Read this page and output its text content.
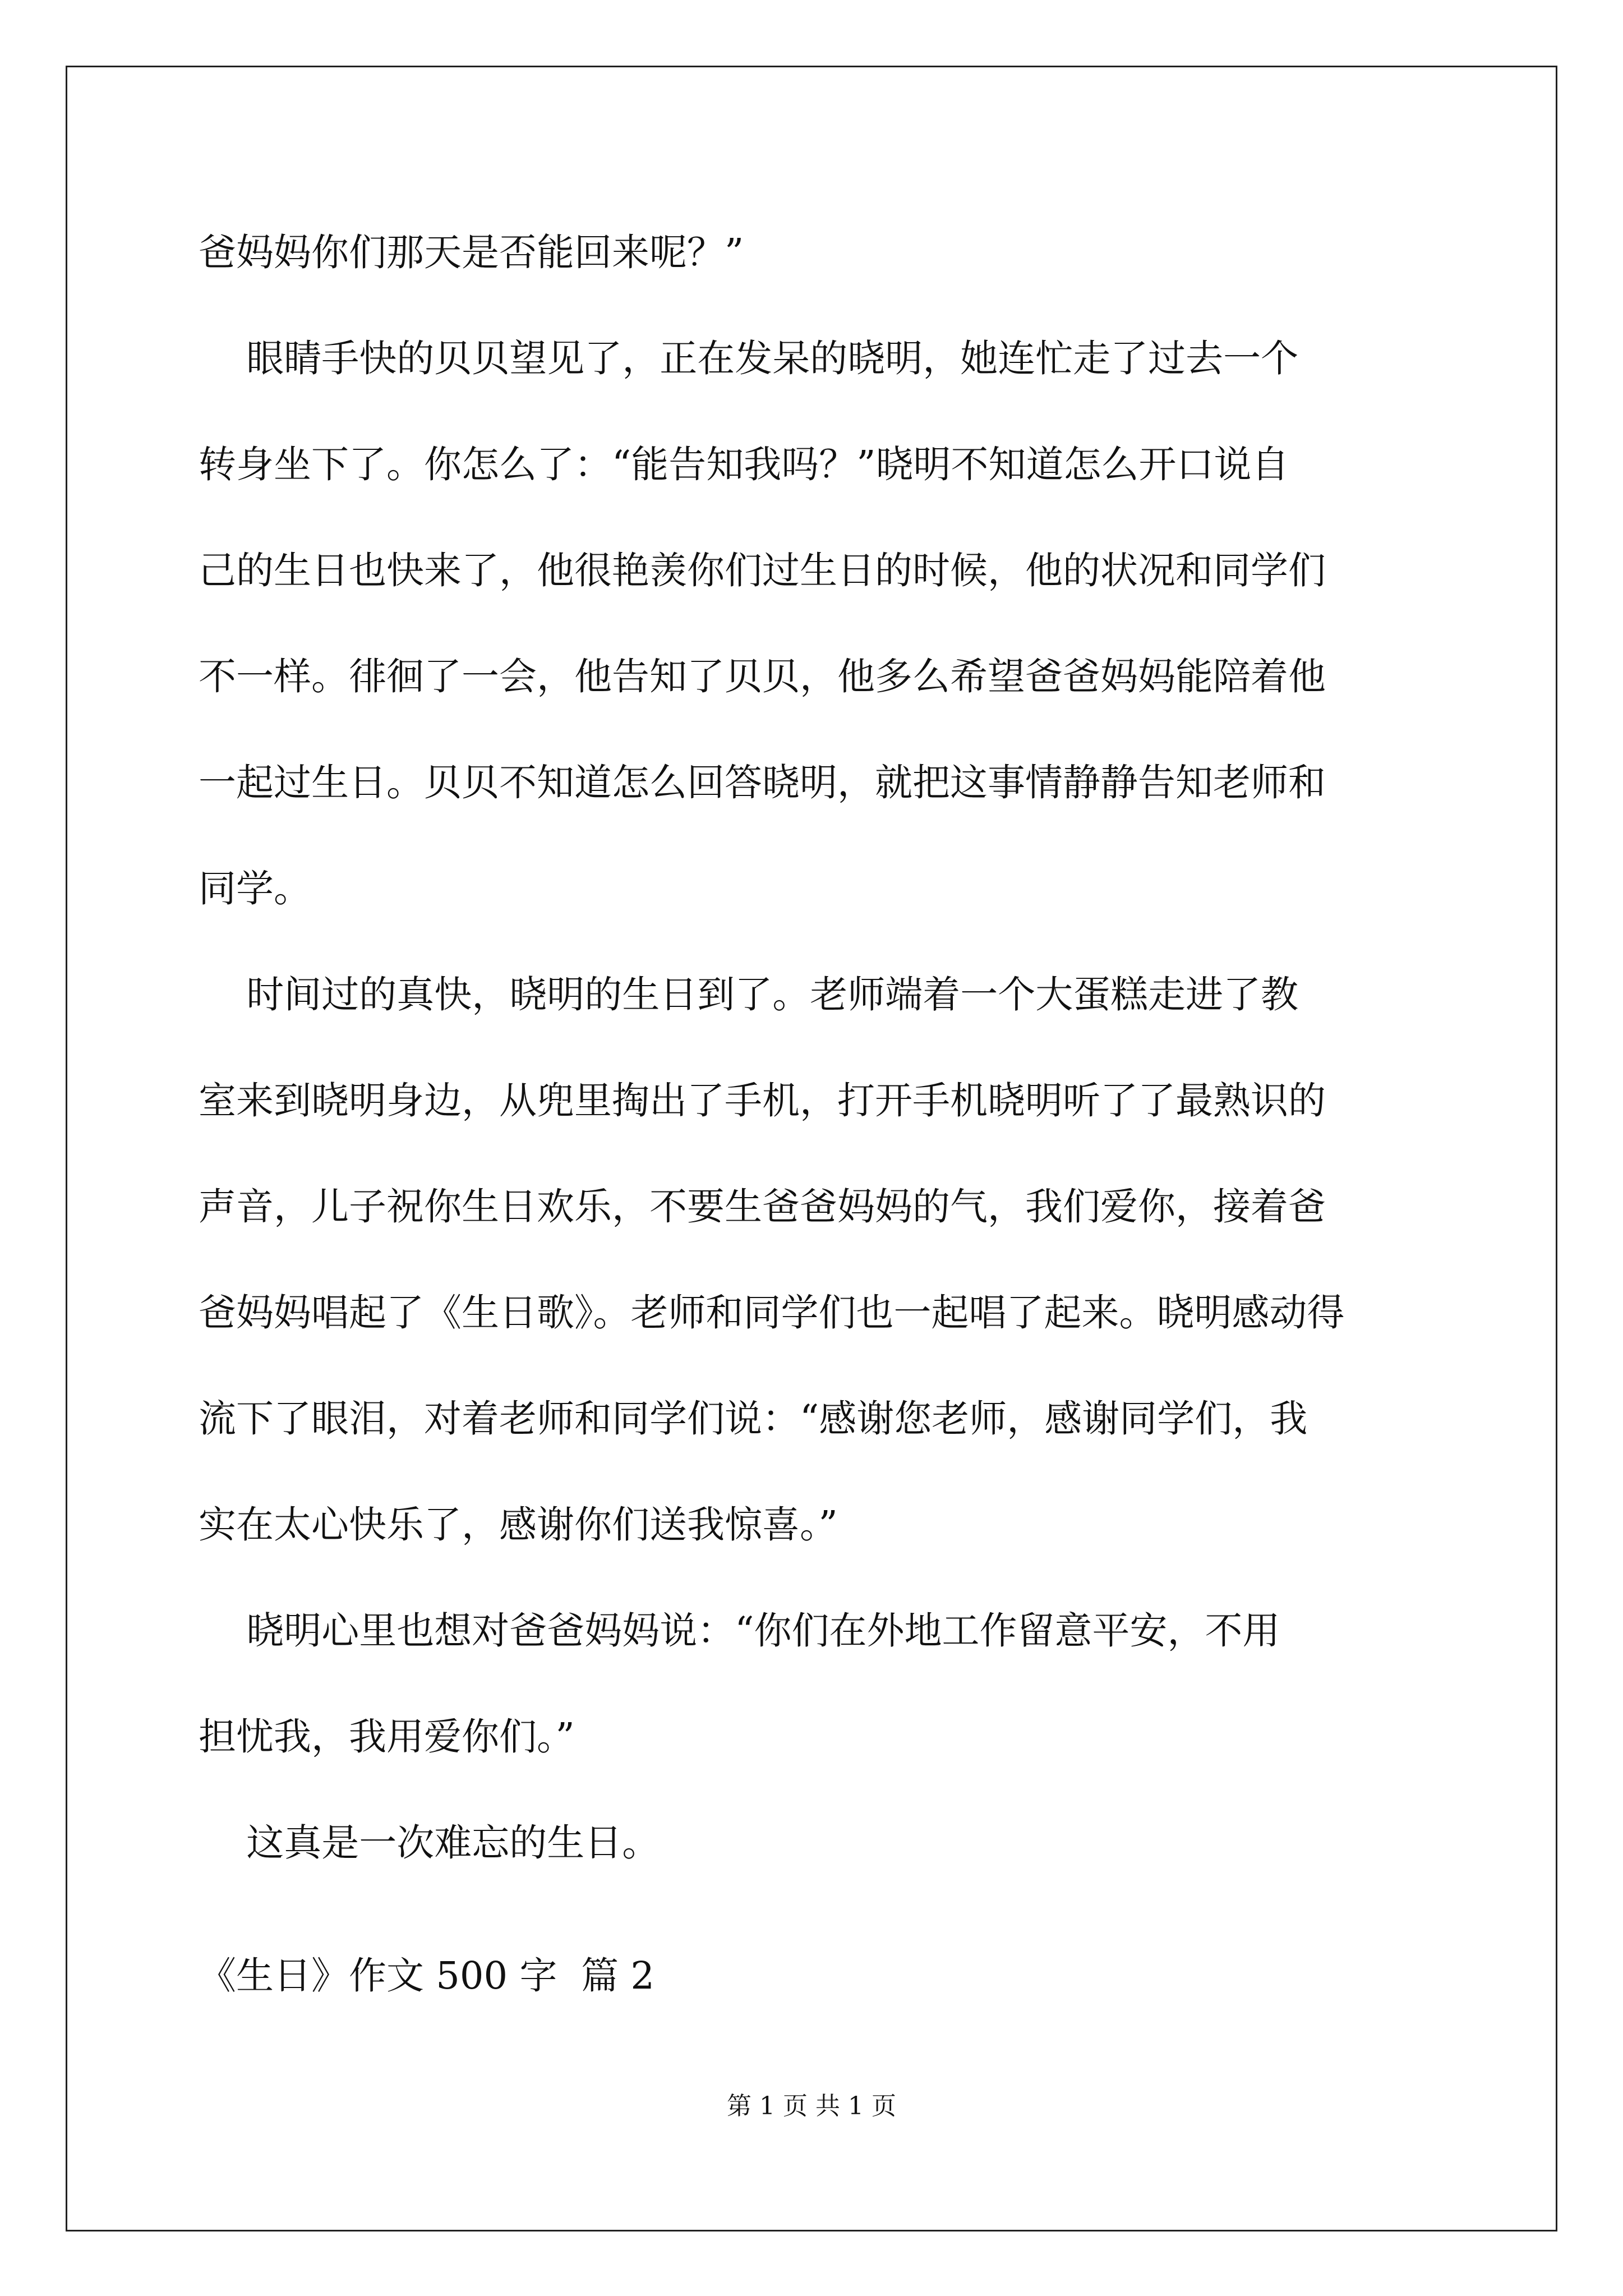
爸妈妈你们那天是否能回来呢？”
眼睛手快的贝贝望见了，正在发呆的晓明，她连忙走了过去一个
转身坐下了。你怎么了：“能告知我吗？”晓明不知道怎么开口说自
己的生日也快来了，他很艳羡你们过生日的时候，他的状况和同学们
不一样。徘徊了一会，他告知了贝贝，他多么希望爸爸妈妈能陪着他
一起过生日。贝贝不知道怎么回答晓明，就把这事情静静告知老师和
同学。
时间过的真快，晓明的生日到了。老师端着一个大蛋糕走进了教
室来到晓明身边，从兜里掏出了手机，打开手机晓明听了了最熟识的
声音，儿子祝你生日欢乐，不要生爸爸妈妈的气，我们爱你，接着爸
爸妈妈唱起了《生日歌》。老师和同学们也一起唱了起来。晓明感动得
流下了眼泪，对着老师和同学们说：“感谢您老师，感谢同学们，我
实在太心快乐了，感谢你们送我惊喜。”
晓明心里也想对爸爸妈妈说：“你们在外地工作留意平安，不用
担忧我，我用爱你们。”
这真是一次难忘的生日。
《生日》作文 500 字  篇 2
第 1 页 共 1 页
